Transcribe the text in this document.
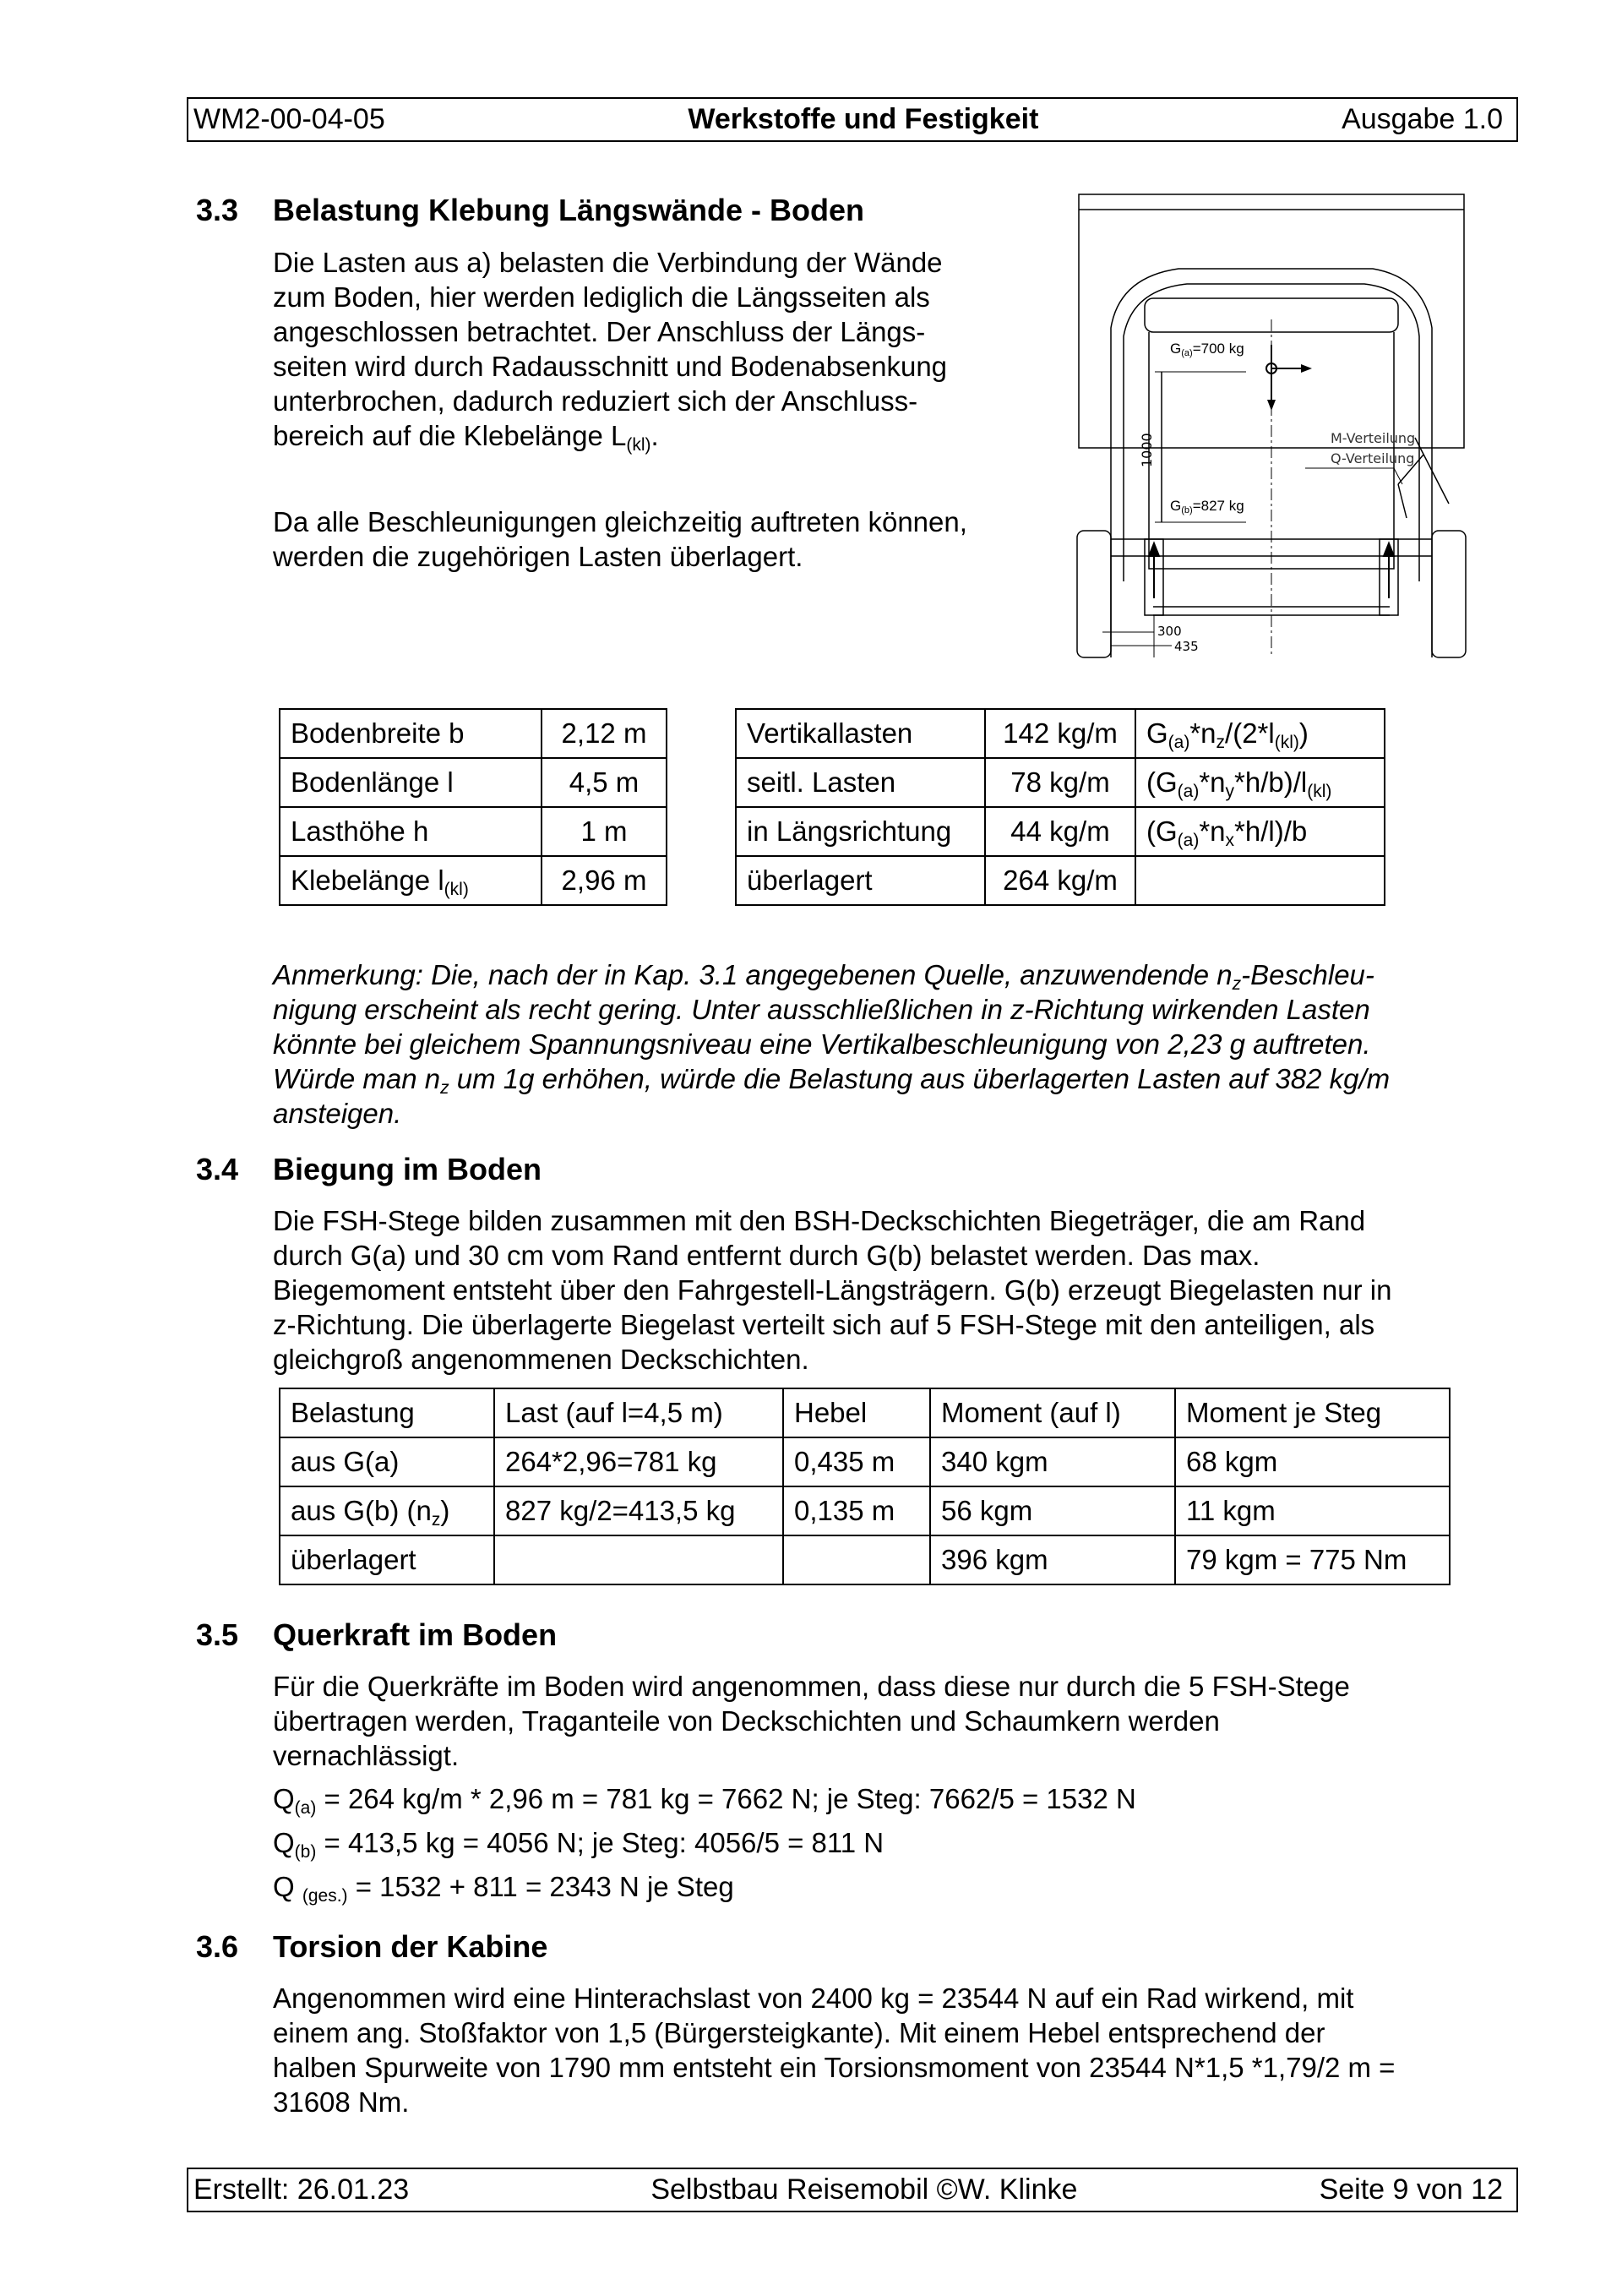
WM2-00-04-05	Werkstoffe und Festigkeit	Ausgabe 1.0
3.3 Belastung Klebung Längswände - Boden

Die Lasten aus a) belasten die Verbindung der Wände

zum Boden, hier werden lediglich die Längsseiten als

angeschlossen betrachtet. Der Anschluss der Längs-

seiten wird durch Radausschnitt und Bodenabsenkung

unterbrochen, dadurch reduziert sich der Anschluss-

bereich auf die Klebelänge $L_{(kl)}$.

Da alle Beschleunigungen gleichzeitig auftreten können,

werden die zugehörigen Lasten überlagert.

1000
G(a)=700 kg
G(b)=827 kg
M-Verteilung
Q-Verteilung
300
435
Bodenbreite b	2,12 m
Bodenlänge l	4,5 m
Lasthöhe h	1 m
Klebelänge $l_{(kl)}$	2,96 m
Vertikallasten	142 kg/m	$G_{(a)}*n_z/(2*l_{(kl)})$
seitl. Lasten	78 kg/m	$(G_{(a)}*n_y*h/b)/l_{(kl)}$
in Längsrichtung	44 kg/m	$(G_{(a)}*n_x*h/l)/b$
überlagert	264 kg/m	
Anmerkung: Die, nach der in Kap. 3.1 angegebenen Quelle, anzuwendende $n_z-Beschleu-$
nigung erscheint als recht gering. Unter ausschließlichen in z-Richtung wirkenden Lasten
könnte bei gleichem Spannungsniveau eine Vertikalbeschleunigung von 2,23 g auftreten.
Würde man $n_z$ um 1g erhöhen, würde die Belastung aus überlagerten Lasten auf 382 kg/m
ansteigen.
3.4 Biegung im Boden

Die FSH-Stege bilden zusammen mit den BSH-Deckschichten Biegeträger, die am Rand

durch G(a) und 30 cm vom Rand entfernt durch G(b) belastet werden. Das max.

Biegemoment entsteht über den Fahrgestell-Längsträgern. G(b) erzeugt Biegelasten nur in

z-Richtung. Die überlagerte Biegelast verteilt sich auf 5 FSH-Stege mit den anteiligen, als

gleichgroß angenommenen Deckschichten.

Belastung	Last (auf l=4,5 m)	Hebel	Moment (auf l)	Moment je Steg
aus G(a)	264*2,96=781 kg	0,435 m	340 kgm	68 kgm
aus G(b) $(n_z)$	827 kg/2=413,5 kg	0,135 m	56 kgm	11 kgm
überlagert			396 kgm	79 kgm = 775 Nm
3.5 Querkraft im Boden

Für die Querkräfte im Boden wird angenommen, dass diese nur durch die 5 FSH-Stege

übertragen werden, Traganteile von Deckschichten und Schaumkern werden

vernachlässigt.

$Q_{(a)} = 264$ kg/m * 2,96 m = 781 kg = 7662 N; je Steg: 7662/5 = 1532 N
$Q_{(b)} = 413,5$ kg = 4056 N; je Steg: 4056/5 = 811 N
Q $_{(ges.)}$ = 1532 + 811 = 2343 N je Steg
3.6 Torsion der Kabine

Angenommen wird eine Hinterachslast von 2400 kg = 23544 N auf ein Rad wirkend, mit

einem ang. Stoßfaktor von 1,5 (Bürgersteigkante). Mit einem Hebel entsprechend der

halben Spurweite von 1790 mm entsteht ein Torsionsmoment von 23544 N*1,5 *1,79/2 m =

31608 Nm.

Erstellt: 26.01.23	Selbstbau Reisemobil ©W. Klinke	Seite 9 von 12
